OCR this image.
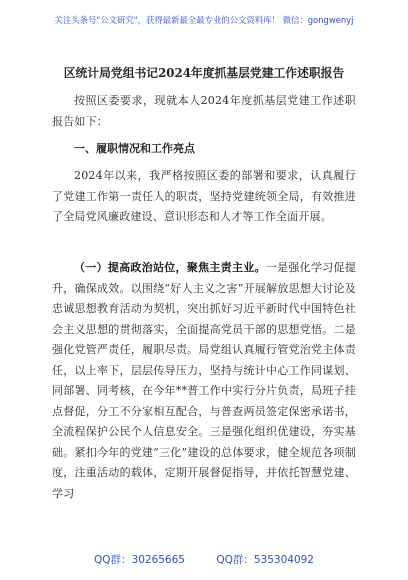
关注头条号"公文研究"，获得最新最全最专业的公文资料库！ 微信：gongwenyj
区统计局党组书记2024年度抓基层党建工作述职报告
按照区委要求，现就本人2024年度抓基层党建工作述职报告如下：
一、履职情况和工作亮点
2024年以来，我严格按照区委的部署和要求，认真履行了党建工作第一责任人的职责，坚持党建统领全局，有效推进了全局党风廉政建设、意识形态和人才等工作全面开展。
（一）提高政治站位，聚焦主责主业。一是强化学习促提升，确保成效。以围绕“好人主义之害”开展解放思想大讨论及忠诚思想教育活动为契机，突出抓好习近平新时代中国特色社会主义思想的贯彻落实，全面提高党员干部的思想党悟。二是强化党管严责任，履职尽责。局党组认真履行管党治党主体责任，以上率下，层层传导压力，坚持与统计中心工作同谋划、同部署、同考核，在今年**普工作中实行分片负责，局班子挂点督促，分工不分家相互配合，与普查两员签定保密承诺书，全流程保护公民个人信息安全。三是强化组织优建设，夯实基础。紧扣今年的党建“三化”建设的总体要求，健全规范各项制度，注重活动的载体，定期开展督促指导，并依托智慧党建、学习
QQ群：30265665	QQ群：535304092
